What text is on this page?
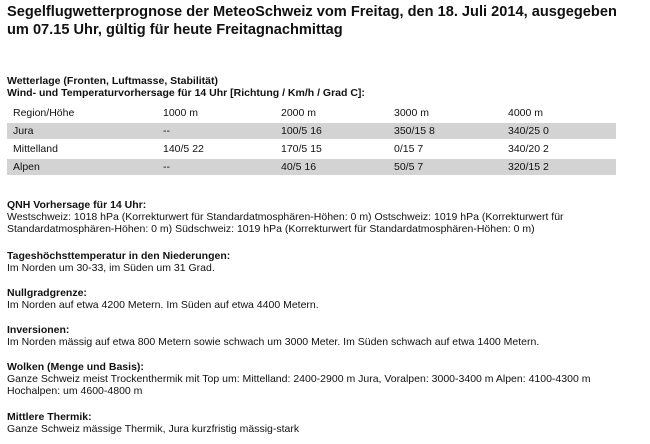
Segelflugwetterprognose der MeteoSchweiz vom Freitag, den 18. Juli 2014, ausgegeben um 07.15 Uhr, gültig für heute Freitagnachmittag
Wetterlage (Fronten, Luftmasse, Stabilität)
Wind- und Temperaturvorhersage für 14 Uhr [Richtung / Km/h / Grad C]:
Region/Höhe	1000 m	2000 m	3000 m	4000 m
Jura	--	100/5 16	350/15 8	340/25 0
Mittelland	140/5 22	170/5 15	0/15 7	340/20 2
Alpen	--	40/5 16	50/5 7	320/15 2
QNH Vorhersage für 14 Uhr:
Westschweiz: 1018 hPa (Korrekturwert für Standardatmosphären-Höhen: 0 m) Ostschweiz: 1019 hPa (Korrekturwert für Standardatmosphären-Höhen: 0 m) Südschweiz: 1019 hPa (Korrekturwert für Standardatmosphären-Höhen: 0 m)
Tageshöchsttemperatur in den Niederungen:
Im Norden um 30-33, im Süden um 31 Grad.
Nullgradgrenze:
Im Norden auf etwa 4200 Metern. Im Süden auf etwa 4400 Metern.
Inversionen:
Im Norden mässig auf etwa 800 Metern sowie schwach um 3000 Meter. Im Süden schwach auf etwa 1400 Metern.
Wolken (Menge und Basis):
Ganze Schweiz meist Trockenthermik mit Top um: Mittelland: 2400-2900 m Jura, Voralpen: 3000-3400 m Alpen: 4100-4300 m Hochalpen: um 4600-4800 m
Mittlere Thermik:
Ganze Schweiz mässige Thermik, Jura kurzfristig mässig-stark
